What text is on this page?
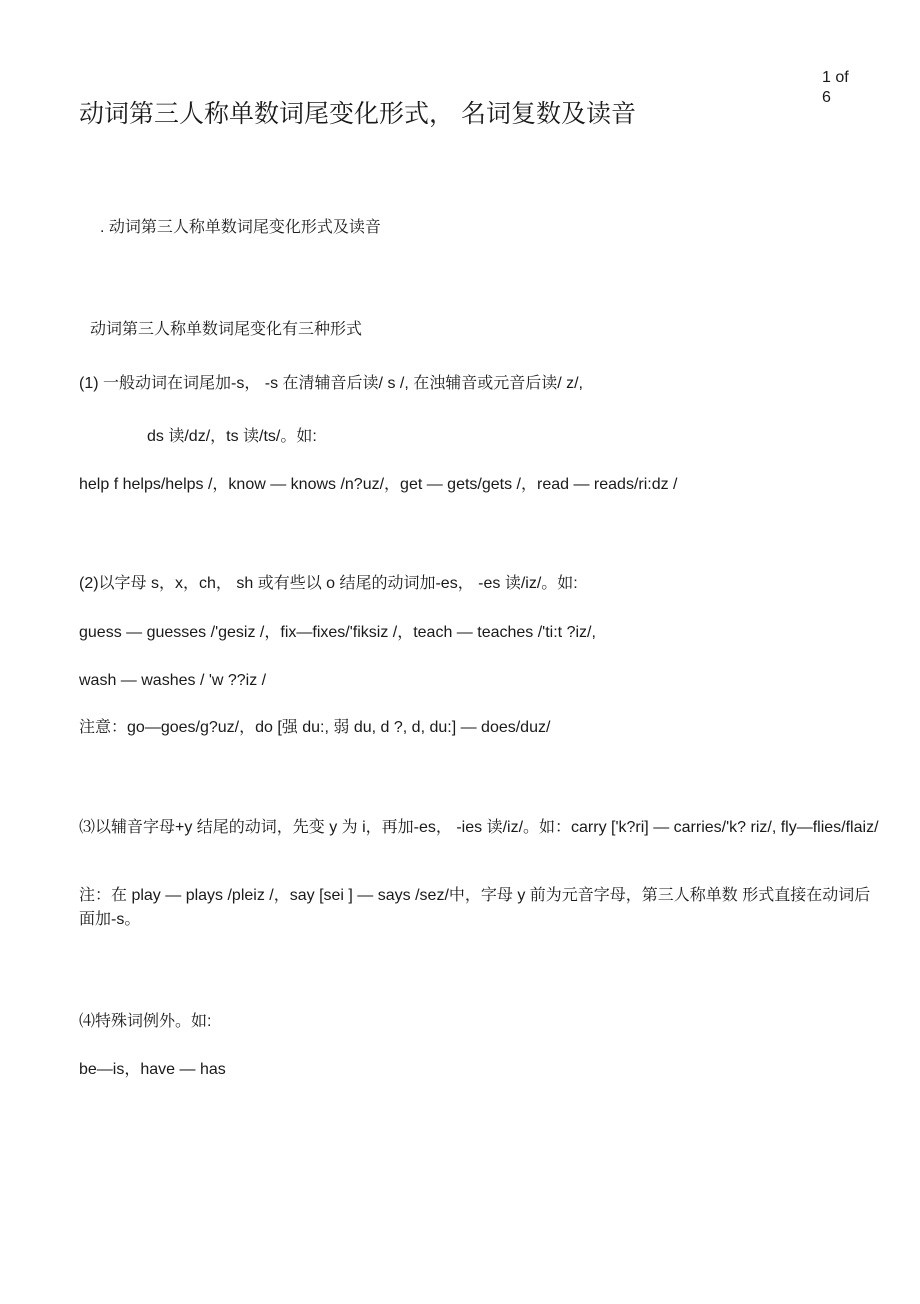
1 of
6
动词第三人称单数词尾变化形式， 名词复数及读音
. 动词第三人称单数词尾变化形式及读音
动词第三人称单数词尾变化有三种形式
(1) 一般动词在词尾加-s， -s 在清辅音后读/ s /, 在浊辅音或元音后读/ z/,
ds 读/dz/，ts 读/ts/。如:
help f helps/helps /，know — knows /n?uz/，get — gets/gets /，read — reads/ri:dz /
(2)以字母 s，x，ch， sh 或有些以 o 结尾的动词加-es， -es 读/iz/。如:
guess — guesses /'gesiz /，fix—fixes/'fiksiz /，teach — teaches /'ti:t ?iz/,
wash — washes / 'w ??iz /
注意：go—goes/g?uz/，do [强 du:, 弱 du, d ?, d, du:] — does/duz/
⑶以辅音字母+y 结尾的动词，先变 y 为 i，再加-es， -ies 读/iz/。如：carry ['k?ri] — carries/'k? riz/, fly—flies/flaiz/
注：在 play — plays /pleiz /，say [sei ] — says /sez/中，字母 y 前为元音字母，第三人称单数 形式直接在动词后面加-s。
⑷特殊词例外。如:
be—is，have — has
